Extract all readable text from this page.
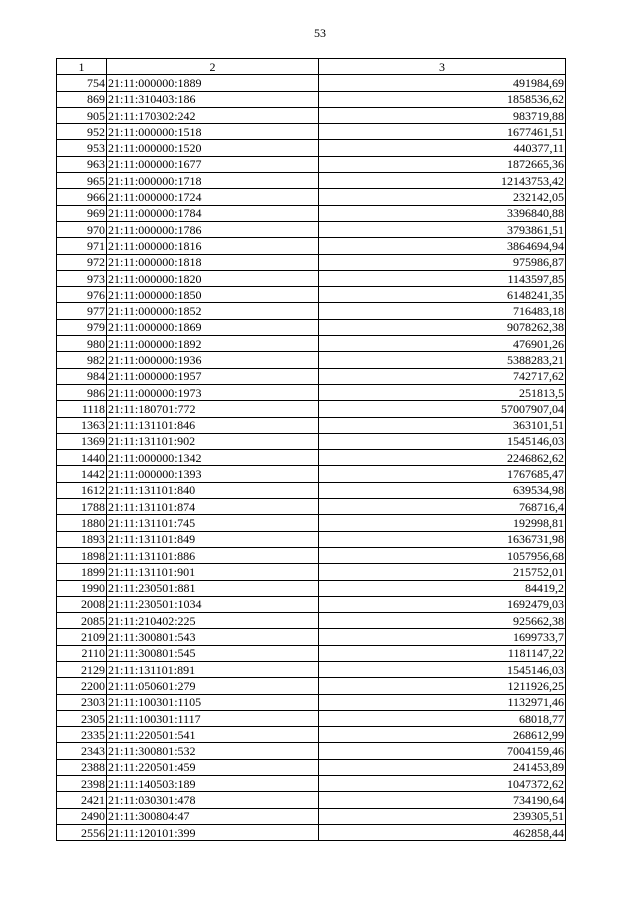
53
1	2	3
754	21:11:000000:1889	491984,69
869	21:11:310403:186	1858536,62
905	21:11:170302:242	983719,88
952	21:11:000000:1518	1677461,51
953	21:11:000000:1520	440377,11
963	21:11:000000:1677	1872665,36
965	21:11:000000:1718	12143753,42
966	21:11:000000:1724	232142,05
969	21:11:000000:1784	3396840,88
970	21:11:000000:1786	3793861,51
971	21:11:000000:1816	3864694,94
972	21:11:000000:1818	975986,87
973	21:11:000000:1820	1143597,85
976	21:11:000000:1850	6148241,35
977	21:11:000000:1852	716483,18
979	21:11:000000:1869	9078262,38
980	21:11:000000:1892	476901,26
982	21:11:000000:1936	5388283,21
984	21:11:000000:1957	742717,62
986	21:11:000000:1973	251813,5
1118	21:11:180701:772	57007907,04
1363	21:11:131101:846	363101,51
1369	21:11:131101:902	1545146,03
1440	21:11:000000:1342	2246862,62
1442	21:11:000000:1393	1767685,47
1612	21:11:131101:840	639534,98
1788	21:11:131101:874	768716,4
1880	21:11:131101:745	192998,81
1893	21:11:131101:849	1636731,98
1898	21:11:131101:886	1057956,68
1899	21:11:131101:901	215752,01
1990	21:11:230501:881	84419,2
2008	21:11:230501:1034	1692479,03
2085	21:11:210402:225	925662,38
2109	21:11:300801:543	1699733,7
2110	21:11:300801:545	1181147,22
2129	21:11:131101:891	1545146,03
2200	21:11:050601:279	1211926,25
2303	21:11:100301:1105	1132971,46
2305	21:11:100301:1117	68018,77
2335	21:11:220501:541	268612,99
2343	21:11:300801:532	7004159,46
2388	21:11:220501:459	241453,89
2398	21:11:140503:189	1047372,62
2421	21:11:030301:478	734190,64
2490	21:11:300804:47	239305,51
2556	21:11:120101:399	462858,44
